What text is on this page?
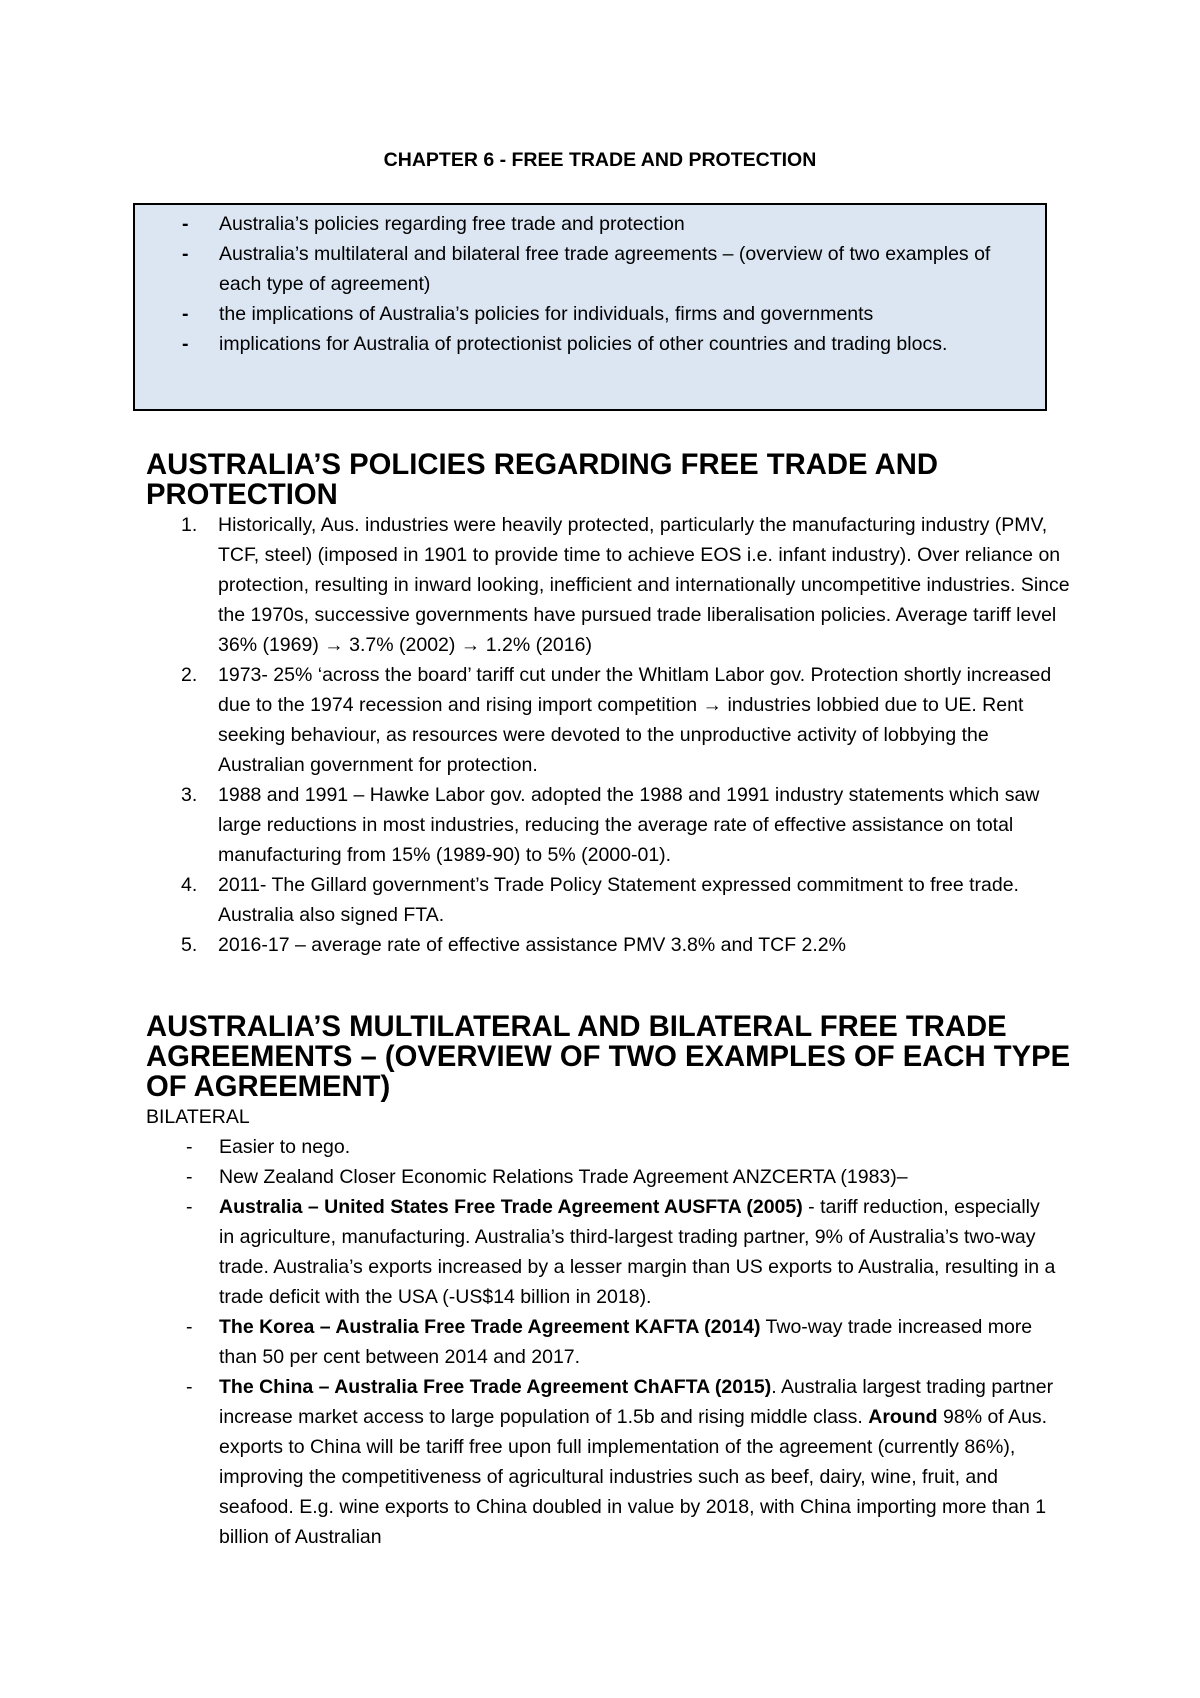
CHAPTER 6 - FREE TRADE AND PROTECTION
- Australia’s policies regarding free trade and protection
- Australia’s multilateral and bilateral free trade agreements – (overview of two examples of each type of agreement)
- the implications of Australia’s policies for individuals, firms and governments
- implications for Australia of protectionist policies of other countries and trading blocs.
AUSTRALIA’S POLICIES REGARDING FREE TRADE AND PROTECTION
1. Historically, Aus. industries were heavily protected, particularly the manufacturing industry (PMV, TCF, steel) (imposed in 1901 to provide time to achieve EOS i.e. infant industry). Over reliance on protection, resulting in inward looking, inefficient and internationally uncompetitive industries. Since the 1970s, successive governments have pursued trade liberalisation policies. Average tariff level 36% (1969) → 3.7% (2002) → 1.2% (2016)
2. 1973- 25% ‘across the board’ tariff cut under the Whitlam Labor gov. Protection shortly increased due to the 1974 recession and rising import competition → industries lobbied due to UE. Rent seeking behaviour, as resources were devoted to the unproductive activity of lobbying the Australian government for protection.
3. 1988 and 1991 – Hawke Labor gov. adopted the 1988 and 1991 industry statements which saw large reductions in most industries, reducing the average rate of effective assistance on total manufacturing from 15% (1989-90) to 5% (2000-01).
4. 2011- The Gillard government’s Trade Policy Statement expressed commitment to free trade. Australia also signed FTA.
5. 2016-17 – average rate of effective assistance PMV 3.8% and TCF 2.2%
AUSTRALIA’S MULTILATERAL AND BILATERAL FREE TRADE AGREEMENTS – (OVERVIEW OF TWO EXAMPLES OF EACH TYPE OF AGREEMENT)

BILATERAL

- Easier to nego.
- New Zealand Closer Economic Relations Trade Agreement ANZCERTA (1983)–
- Australia – United States Free Trade Agreement AUSFTA (2005) - tariff reduction, especially in agriculture, manufacturing. Australia’s third-largest trading partner, 9% of Australia’s two-way trade. Australia’s exports increased by a lesser margin than US exports to Australia, resulting in a trade deficit with the USA (-US$14 billion in 2018).
- The Korea – Australia Free Trade Agreement KAFTA (2014) Two-way trade increased more than 50 per cent between 2014 and 2017.
- The China – Australia Free Trade Agreement ChAFTA (2015). Australia largest trading partner increase market access to large population of 1.5b and rising middle class. Around 98% of Aus. exports to China will be tariff free upon full implementation of the agreement (currently 86%), improving the competitiveness of agricultural industries such as beef, dairy, wine, fruit, and seafood. E.g. wine exports to China doubled in value by 2018, with China importing more than 1 billion of Australian
